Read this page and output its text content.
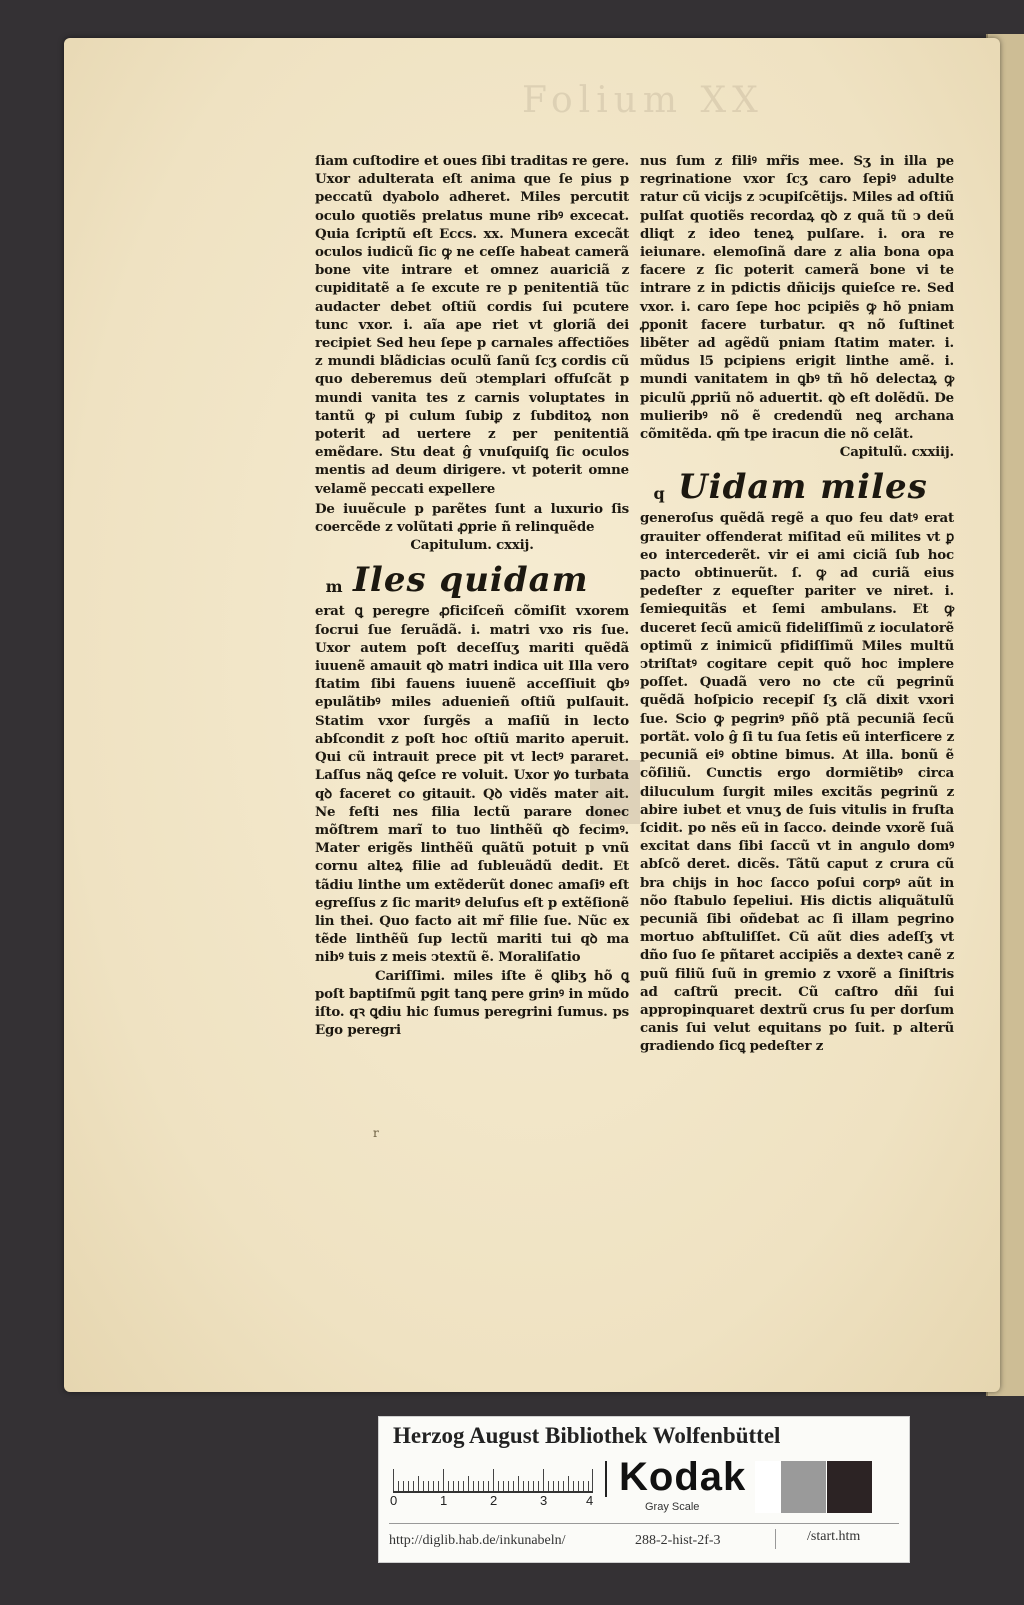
Folium XX

ſiam cuſtodire et oues ſibi traditas re gere. Uxor adulterata eſt anima que ſe pius p peccatũ dyabolo adheret. Miles percutit oculo quotiẽs prelatus mune ribꝰ excecat. Quia ſcriptũ eſt Eccs. xx. Munera excecãt oculos iudicũ ſic ꝙ ne ceſſe habeat camerã bone vite intrare et omnez auariciã z cupiditatẽ a ſe excute re p penitentiã tũc audacter debet oſtiũ cordis ſui pcutere tunc vxor. i. aĩa ape riet vt gloriã dei recipiet Sed heu ſepe p carnales affectiões z mundi blãdicias oculũ ſanũ ſcʒ cordis cũ quo deberemus deũ ↄtemplari offuſcãt p mundi vanita tes z carnis voluptates in tantũ ꝙ pi culum ſubiꝑ z ſubditoꝝ non poterit ad uertere z per penitentiã emẽdare. Stu deat ĝ vnuſquiſꝗ ſic oculos mentis ad deum dirigere. vt poterit omne velamẽ peccati expellere

De iuuẽcule p parẽtes ſunt a luxurio ſis coercẽde z volũtati ꝓprie ñ relinquẽde

Capitulum. cxxij.

m Iles quidam

erat ꝗ peregre ꝓficiſceñ cõmiſit vxorem ſocrui ſue ſeruãdã. i. matri vxo ris ſue. Uxor autem poſt deceſſuʒ mariti quẽdã iuuenẽ amauit qꝺ matri indica uit Illa vero ſtatim ſibi fauens iuuenẽ acceſſiuit ꝗbꝰ epulãtibꝰ miles aduenieñ oſtiũ pulſauit. Statim vxor ſurgẽs a maſiũ in lecto abſcondit z poſt hoc oſtiũ marito aperuit. Qui cũ intrauit prece pit vt lectꝰ pararet. Laſſus nãꝗ ꝗeſce re voluit. Uxor ꝟo turbata qꝺ faceret co gitauit. Qꝺ vidẽs mater ait. Ne feſti nes filia lectũ parare donec mõſtrem marĩ to tuo linthẽũ qꝺ fecimꝰ. Mater erigẽs linthẽũ quãtũ potuit p vnũ cornu alteꝝ filie ad ſubleuãdũ dedit. Et tãdiu linthe um extẽderũt donec amaſiꝰ eſt egreſſus z ſic maritꝰ deluſus eſt p extẽſionẽ lin thei. Quo facto ait mr̃ filie ſue. Nũc ex tẽde linthẽũ ſup lectũ mariti tui qꝺ ma nibꝰ tuis z meis ↄtextũ ẽ. Moraliſatio

Cariſſimi. miles iſte ẽ ꝗlibʒ hõ ꝗ poſt baptiſmũ pgit tanꝗ pere grinꝰ in mũdo iſto. qꝛ ꝗdiu hic ſumus peregrini ſumus. ps Ego peregri

nus ſum z filiꝰ mr̃is mee. Sʒ in illa pe regrinatione vxor ſcʒ caro ſepiꝰ adulte ratur cũ vicijs z ↄcupiſcẽtijs. Miles ad oſtiũ pulſat quotiẽs recordaꝝ qꝺ z quã tũ ↄ deũ dliqt z ideo teneꝝ pulſare. i. ora re ieiunare. elemoſinã dare z alia bona opa facere z ſic poterit camerã bone vi te intrare z in pdictis dñicijs quieſce re. Sed vxor. i. caro ſepe hoc pcipiẽs ꝙ hõ pniam ꝓponit facere turbatur. qꝛ nõ ſuſtinet libẽter ad agẽdũ pniam ſtatim mater. i. mũdus l5 pcipiens erigit linthe amẽ. i. mundi vanitatem in ꝗbꝰ tñ hõ delectaꝝ ꝙ piculũ ꝓpriũ nõ aduertit. qꝺ eſt dolẽdũ. De mulieribꝰ nõ ẽ credendũ neꝗ archana cõmitẽda. qm̃ tpe iracun die nõ celãt.

Capitulũ. cxxiij.

q Uidam miles

generoſus quẽdã regẽ a quo feu datꝰ erat grauiter offenderat miſitad eũ milites vt ꝑ eo intercederẽt. vir ei ami ciciã ſub hoc pacto obtinuerũt. ſ. ꝙ ad curiã eius pedeſter z equeſter pariter ve niret. i. ſemiequitãs et ſemi ambulans. Et ꝙ duceret ſecũ amicũ fideliſſimũ z ioculatorẽ optimũ z inimicũ pfidiſſimũ Miles multũ ↄtriſtatꝰ cogitare cepit quõ hoc implere poſſet. Quadã vero no cte cũ pegrinũ quẽdã hoſpicio recepiſ ſʒ clã dixit vxori ſue. Scio ꝙ pegrinꝰ pñõ ptã pecuniã ſecũ portãt. volo ĝ ſi tu ſua ſetis eũ interficere z pecuniã eiꝰ obtine bimus. At illa. bonũ ẽ cõſiliũ. Cunctis ergo dormiẽtibꝰ circa diluculum ſurgit miles excitãs pegrinũ z abire iubet et vnuʒ de ſuis vitulis in fruſta ſcidit. po nẽs eũ in ſacco. deinde vxorẽ ſuã excitat dans ſibi ſaccũ vt in angulo domꝰ abſcõ deret. dicẽs. Tãtũ caput z crura cũ bra chijs in hoc ſacco poſui corpꝰ aũt in nõo ſtabulo ſepeliui. His dictis aliquãtulũ pecuniã ſibi oñdebat ac ſi illam pegrino mortuo abſtuliſſet. Cũ aũt dies adeſſʒ vt dño ſuo ſe pñtaret accipiẽs a dexteꝛ canẽ z puũ filiũ ſuũ in gremio z vxorẽ a ſiniſtris ad caſtrũ precit. Cũ caſtro dñi ſui appropinquaret dextrũ crus ſu per dorſum canis ſui velut equitans po ſuit. p alterũ gradiendo ſicꝗ pedeſter z

r
Herzog August Bibliothek Wolfenbüttel
0	1	2	3	4
Kodak
Gray Scale
http://diglib.hab.de/inkunabeln/	288-2-hist-2f-3	/start.htm
